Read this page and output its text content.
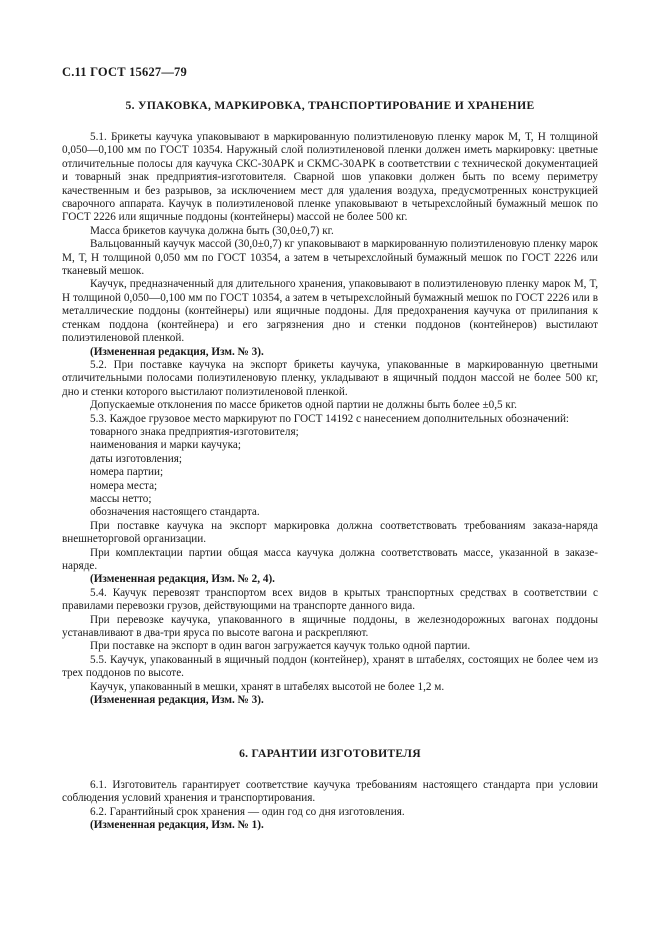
С.11 ГОСТ 15627—79
5. УПАКОВКА, МАРКИРОВКА, ТРАНСПОРТИРОВАНИЕ И ХРАНЕНИЕ

5.1. Брикеты каучука упаковывают в маркированную полиэтиленовую пленку марок М, Т, Н толщиной 0,050—0,100 мм по ГОСТ 10354. Наружный слой полиэтиленовой пленки должен иметь маркировку: цветные отличительные полосы для каучука СКС-30АРК и СКМС-30АРК в соответствии с технической документацией и товарный знак предприятия-изготовителя. Сварной шов упаковки должен быть по всему периметру качественным и без разрывов, за исключением мест для удаления воздуха, предусмотренных конструкцией сварочного аппарата. Каучук в полиэтиленовой пленке упаковывают в четырехслойный бумажный мешок по ГОСТ 2226 или ящичные поддоны (контейнеры) массой не более 500 кг.

Масса брикетов каучука должна быть (30,0±0,7) кг.

Вальцованный каучук массой (30,0±0,7) кг упаковывают в маркированную полиэтиленовую пленку марок М, Т, Н толщиной 0,050 мм по ГОСТ 10354, а затем в четырехслойный бумажный мешок по ГОСТ 2226 или тканевый мешок.

Каучук, предназначенный для длительного хранения, упаковывают в полиэтиленовую пленку марок М, Т, Н толщиной 0,050—0,100 мм по ГОСТ 10354, а затем в четырехслойный бумажный мешок по ГОСТ 2226 или в металлические поддоны (контейнеры) или ящичные поддоны. Для предохранения каучука от прилипания к стенкам поддона (контейнера) и его загрязнения дно и стенки поддонов (контейнеров) выстилают полиэтиленовой пленкой.

(Измененная редакция, Изм. № 3).

5.2. При поставке каучука на экспорт брикеты каучука, упакованные в маркированную цветными отличительными полосами полиэтиленовую пленку, укладывают в ящичный поддон массой не более 500 кг, дно и стенки которого выстилают полиэтиленовой пленкой.

Допускаемые отклонения по массе брикетов одной партии не должны быть более ±0,5 кг.

5.3. Каждое грузовое место маркируют по ГОСТ 14192 с нанесением дополнительных обозначений:

товарного знака предприятия-изготовителя;

наименования и марки каучука;

даты изготовления;

номера партии;

номера места;

массы нетто;

обозначения настоящего стандарта.

При поставке каучука на экспорт маркировка должна соответствовать требованиям заказа-наряда внешнеторговой организации.

При комплектации партии общая масса каучука должна соответствовать массе, указанной в заказе-наряде.

(Измененная редакция, Изм. № 2, 4).

5.4. Каучук перевозят транспортом всех видов в крытых транспортных средствах в соответствии с правилами перевозки грузов, действующими на транспорте данного вида.

При перевозке каучука, упакованного в ящичные поддоны, в железнодорожных вагонах поддоны устанавливают в два-три яруса по высоте вагона и раскрепляют.

При поставке на экспорт в один вагон загружается каучук только одной партии.

5.5. Каучук, упакованный в ящичный поддон (контейнер), хранят в штабелях, состоящих не более чем из трех поддонов по высоте.

Каучук, упакованный в мешки, хранят в штабелях высотой не более 1,2 м.

(Измененная редакция, Изм. № 3).

6. ГАРАНТИИ ИЗГОТОВИТЕЛЯ

6.1. Изготовитель гарантирует соответствие каучука требованиям настоящего стандарта при условии соблюдения условий хранения и транспортирования.

6.2. Гарантийный срок хранения — один год со дня изготовления.

(Измененная редакция, Изм. № 1).
